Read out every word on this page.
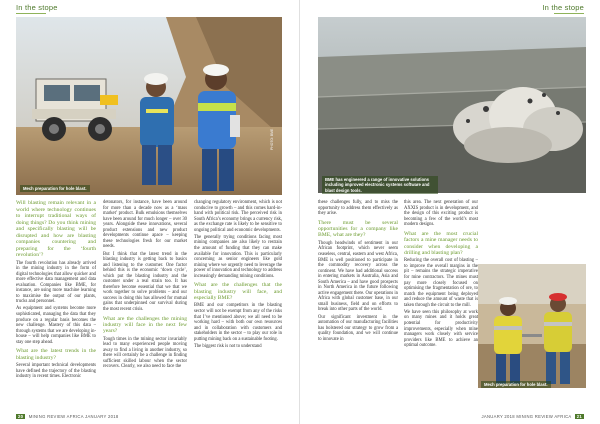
In the stope
Mech preparation for hole blast.
PHOTO: BME

Will blasting remain relevant in a world where technology continues to interrupt traditional ways of doing things? Do you think mining and specifically blasting will be disrupted and how are blasting companies countering and preparing for the ‘fourth revolution’?

The fourth revolution has already arrived in the mining industry in the form of digital technologies that allow quicker and more effective data management and data evaluation. Companies like BME, for instance, are using more machine learning to maximise the output of our plants, trucks and personnel.

As equipment and systems become more sophisticated, managing the data that they produce on a regular basis becomes the new challenge. Mastery of this data – through systems that we are developing in-house – will help companies like BME to stay one step ahead.

What are the latest trends in the blasting industry?

Several important technical developments have defined the trajectory of the blasting industry in recent times. Electronic

detonators, for instance, have been around for more than a decade now as a ‘mass market’ product. Bulk emulsions themselves have been around for much longer – over 30 years. Alongside these innovations, several product extensions and new product developments continue apace – keeping these technologies fresh for our market needs.

But I think that the latest trend in the blasting industry is getting back to basics and listening to the customer. One factor behind this is the economic ‘down cycle’, which put the blasting industry and the customer under a real strain too. It has therefore become essential that we that we work together to solve problems – and our success in doing this has allowed for mutual gains that underpinned our survival during the most recent crisis.

What are the challenges the mining industry will face in the next few years?

Tough times in the mining sector invariably lead to many experienced people moving away to find a living in another industry, so there will certainly be a challenge in finding sufficient skilled labour when the sector recovers. Clearly, we also need to face the

changing regulatory environment, which is not conducive to growth – and this comes hard-in-hand with political risk. The perceived risk in South Africa’s economy brings a currency risk, as the exchange rate is likely to be sensitive to ongoing political and economic developments.

The generally trying conditions facing most mining companies are also likely to restrain the amount of funding that they can make available for innovation. This is particularly concerning as senior engineers like gold mining where we urgently need to leverage the power of innovation and technology to address increasingly demanding mining conditions.

What are the challenges that the blasting industry will face, and especially BME?

BME and our competitors in the blasting sector will not be exempt from any of the risks that I’ve mentioned above; we all need to be working hard – with both our own resources and in collaboration with customers and stakeholders in the sector – to play our role in putting mining back on a sustainable footing.

The biggest risk is not to understand

20 MINING REVIEW AFRICA JANUARY 2018
In the stope

these challenges fully, and to miss the opportunity to address them effectively as they arise.

There must be several opportunities for a company like BME, what are they?

Though headwinds of sentiment in our African footprint, which never seem ceaseless, central, eastern and west Africa, BME is well positioned to participate in the commodity recovery across the continent. We have had additional success in entering markets in Australia, Asia and South America – and have good prospects in North America in the future following active engagement there. Our operations in Africa with global customer base, in our small business, field and on efforts to break into other parts of the world.

Our significant investment in the automation of our manufacturing facilities has bolstered our strategy to grow from a quality foundation, and we will continue to innovate in

this area. The next generation of our AXXIS product is in development, and the design of this exciting product is becoming a few of the world’s most modern designs.

What are the most crucial factors a mine manager needs to consider when developing a drilling and blasting plan?

Reducing the overall cost of blasting – to improve the overall margins in the pit – remains the strategic imperative for mine contractors. The mines must pay more closely focused on optimising the fragmentation of ore, to match the equipment being deployed and reduce the amount of waste that is taken through the circuit to the mill.

We have seen this philosophy at work on many mines and it holds great potential for productivity improvements, especially when mine managers work closely with service providers like BME to achieve an optimal outcome.

JANUARY 2018 MINING REVIEW AFRICA 21
BME has engineered a range of innovative solutions including improved electronic systems software and blast design tools.
Mech preparation for hole blast.
